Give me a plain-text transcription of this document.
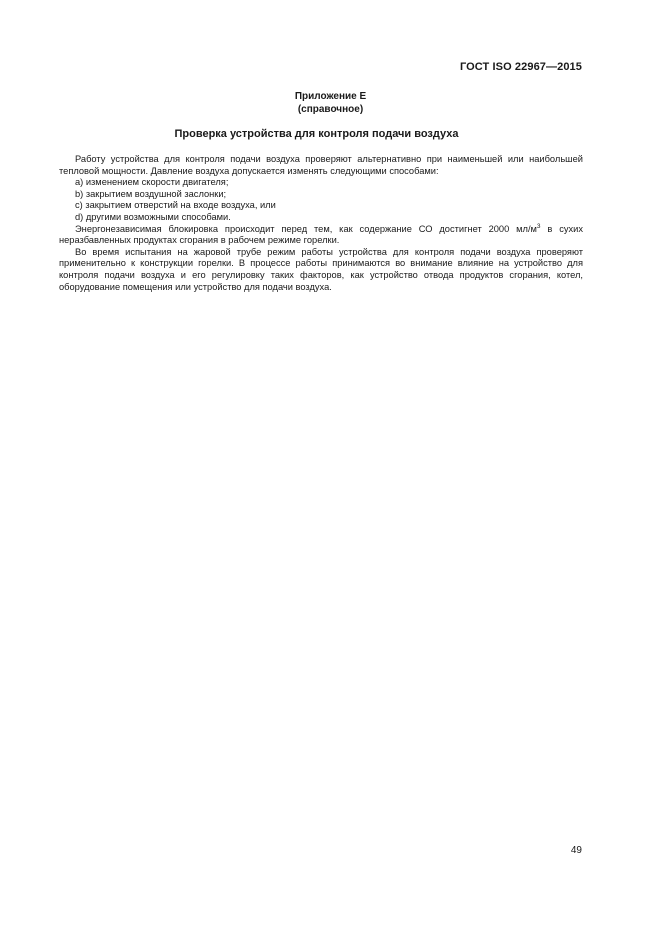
ГОСТ ISO 22967—2015
Приложение Е
(справочное)
Проверка устройства для контроля подачи воздуха

Работу устройства для контроля подачи воздуха проверяют альтернативно при наименьшей или наибольшей тепловой мощности. Давление воздуха допускается изменять следующими способами:

a) изменением скорости двигателя;
b) закрытием воздушной заслонки;
c) закрытием отверстий на входе воздуха, или
d) другими возможными способами.

Энергонезависимая блокировка происходит перед тем, как содержание СО достигнет 2000 $мл/м^3$ в сухих неразбавленных продуктах сгорания в рабочем режиме горелки.

Во время испытания на жаровой трубе режим работы устройства для контроля подачи воздуха проверяют применительно к конструкции горелки. В процессе работы принимаются во внимание влияние на устройство для контроля подачи воздуха и его регулировку таких факторов, как устройство отвода продуктов сгорания, котел, оборудование помещения или устройство для подачи воздуха.

49
